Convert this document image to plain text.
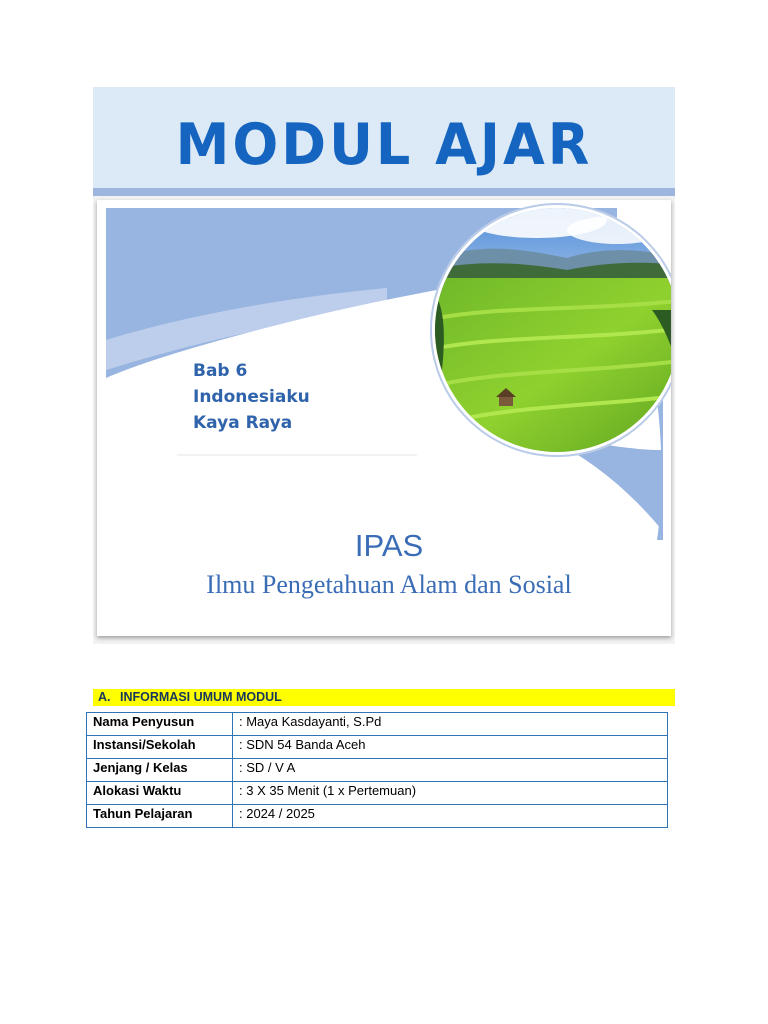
MODUL AJAR
Bab 6
Indonesiaku
Kaya Raya
IPAS
Ilmu Pengetahuan Alam dan Sosial
A. INFORMASI UMUM MODUL
Nama Penyusun	: Maya Kasdayanti, S.Pd
Instansi/Sekolah	: SDN 54 Banda Aceh
Jenjang / Kelas	: SD / V A
Alokasi Waktu	: 3 X 35 Menit (1 x Pertemuan)
Tahun Pelajaran	: 2024 / 2025
